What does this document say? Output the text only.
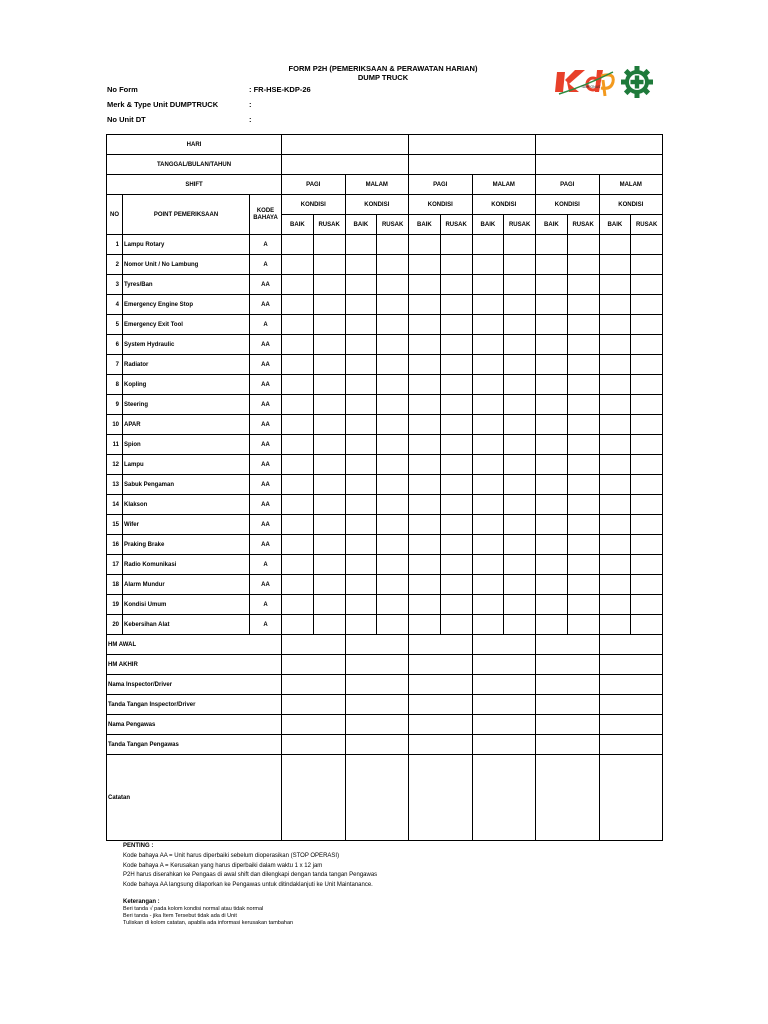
FORM P2H (PEMERIKSAAN & PERAWATAN HARIAN)
DUMP TRUCK
TAMPONAS
No Form	: FR-HSE-KDP-26
Merk & Type Unit DUMPTRUCK	:
No Unit DT	:
HARI														
TANGGAL/BULAN/TAHUN														
SHIFT			PAGI		MALAM		PAGI		MALAM		PAGI		MALAM	
NO	POINT PEMERIKSAAN	KODE BAHAYA	KONDISI		KONDISI		KONDISI		KONDISI		KONDISI		KONDISI	
			BAIK	RUSAK	BAIK	RUSAK	BAIK	RUSAK	BAIK	RUSAK	BAIK	RUSAK	BAIK	RUSAK
1	Lampu Rotary	A												
2	Nomor Unit / No Lambung	A												
3	Tyres/Ban	AA												
4	Emergency Engine Stop	AA												
5	Emergency Exit Tool	A												
6	System Hydraulic	AA												
7	Radiator	AA												
8	Kopling	AA												
9	Steering	AA												
10	APAR	AA												
11	Spion	AA												
12	Lampu	AA												
13	Sabuk Pengaman	AA												
14	Klakson	AA												
15	Wifer	AA												
16	Praking Brake	AA												
17	Radio Komunikasi	A												
18	Alarm Mundur	AA												
19	Kondisi Umum	A												
20	Kebersihan Alat	A												
HM AWAL														
HM AKHIR														
Nama Inspector/Driver														
Tanda Tangan Inspector/Driver														
Nama Pengawas														
Tanda Tangan Pengawas														
Catatan														
PENTING :
Kode bahaya AA = Unit harus diperbaiki sebelum dioperasikan (STOP OPERASI)
Kode bahaya A = Kerusakan yang harus diperbaiki dalam waktu 1 x 12 jam
P2H harus diserahkan ke Pengaas di awal shift dan dilengkapi dengan tanda tangan Pengawas
Kode bahaya AA langsung dilaporkan ke Pengawas untuk ditindaklanjuti ke Unit Maintanance.
Keterangan :
Beri tanda √ pada kolom kondisi normal atau tidak normal
Beri tanda - jika Item Tersebut tidak ada di Unit
Tuliskan di kolom catatan, apabila ada informasi kerusakan tambahan
